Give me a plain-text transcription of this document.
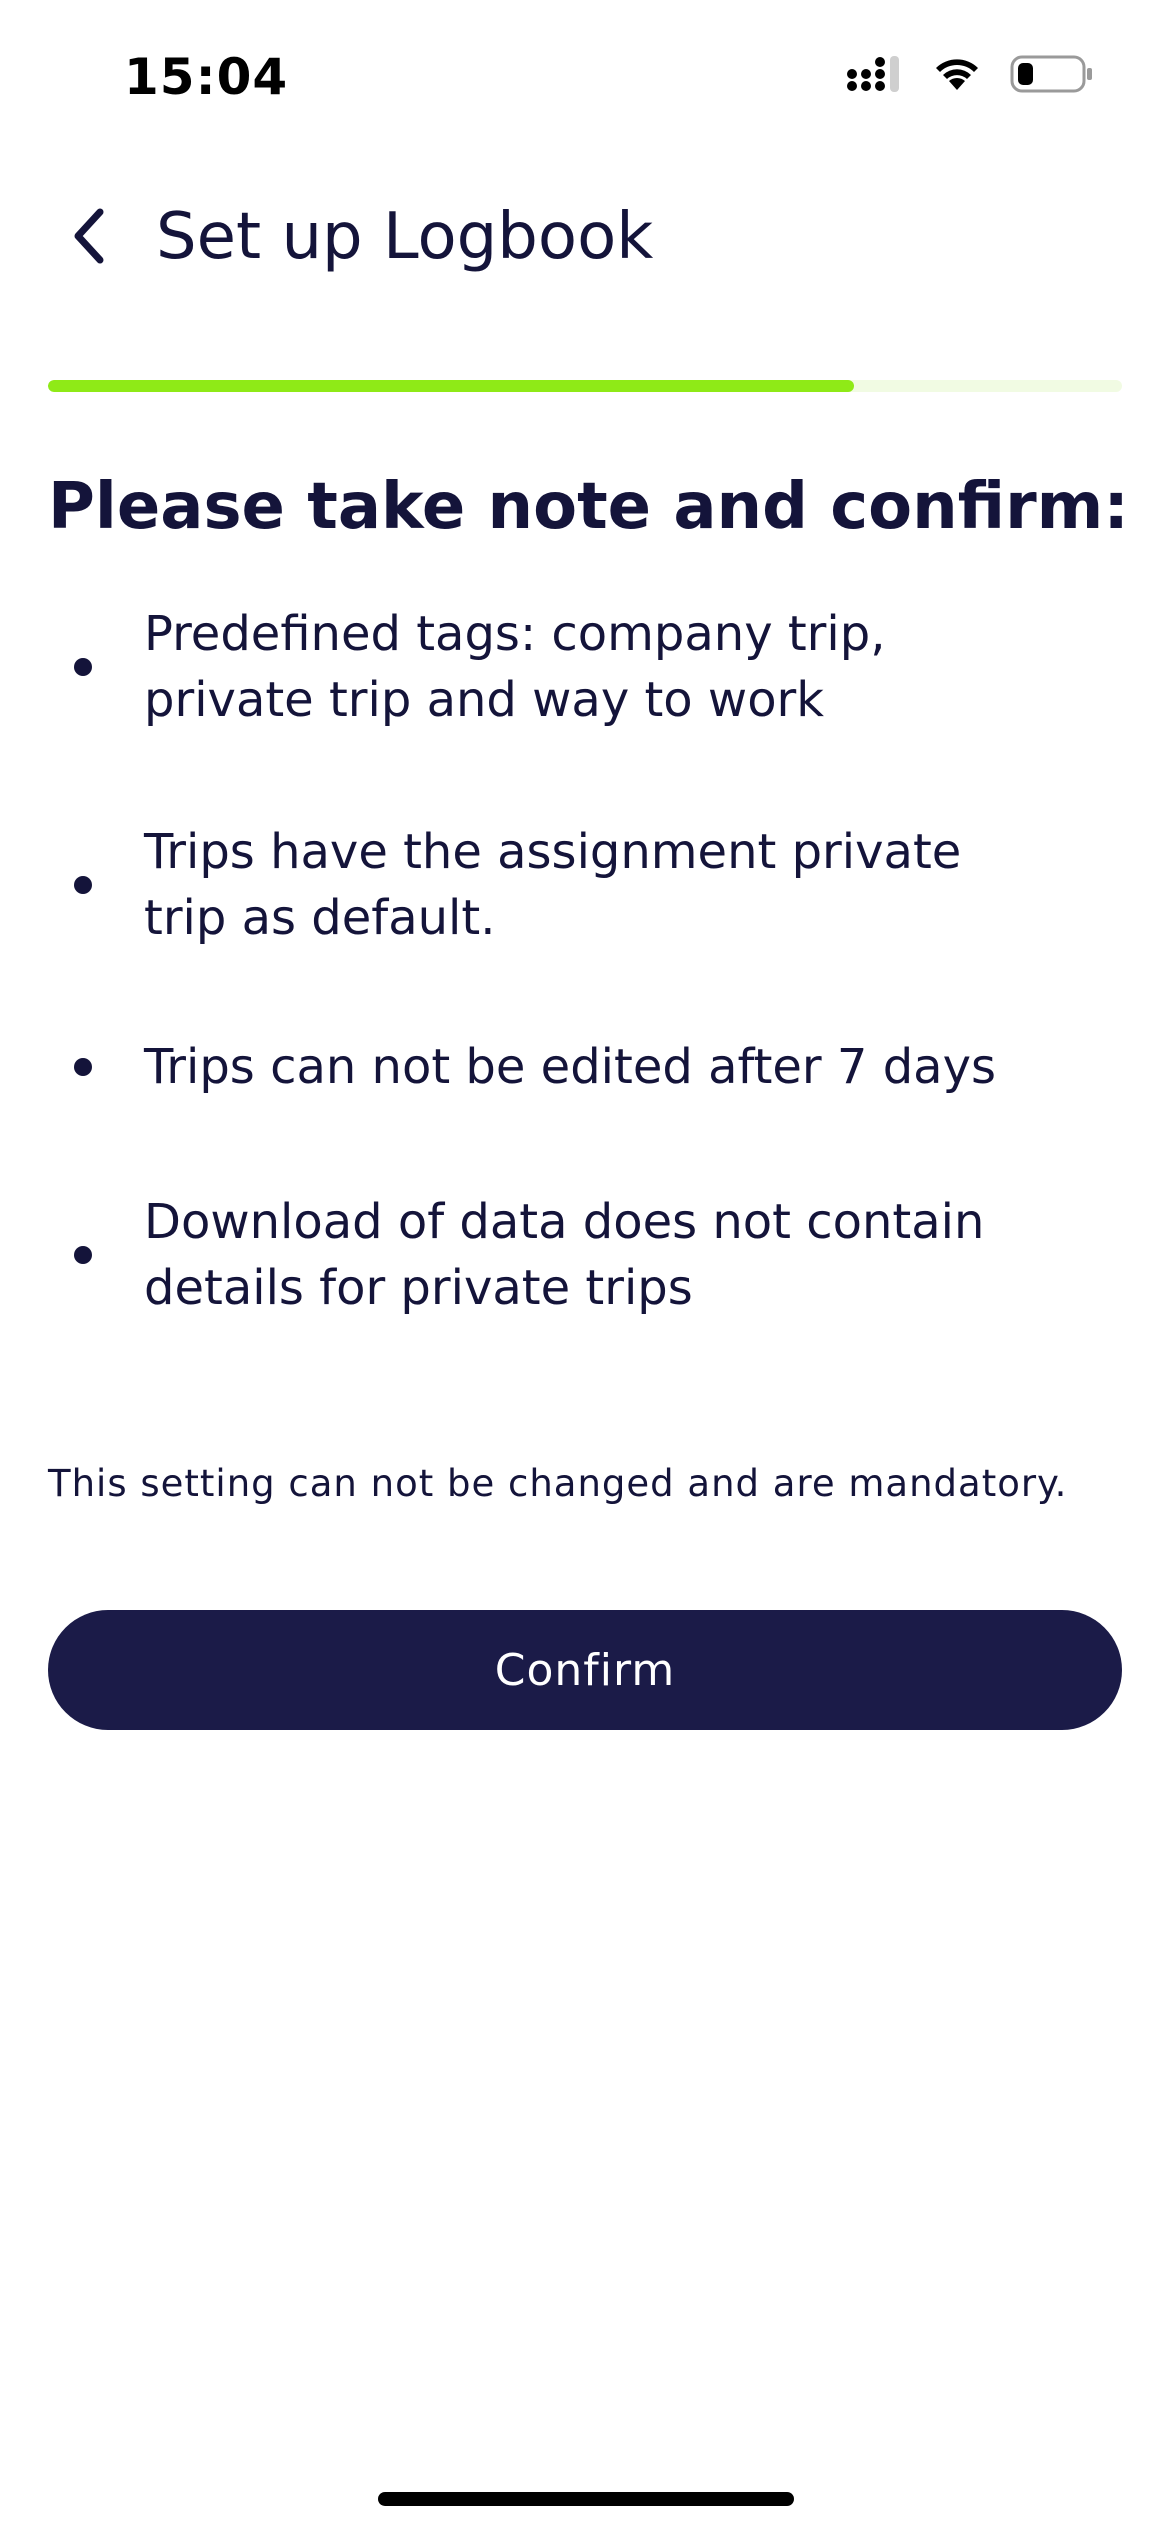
15:04
Set up Logbook
Please take note and confirm:
Predefined tags: company trip,
private trip and way to work
Trips have the assignment private
trip as default.
Trips can not be edited after 7 days
Download of data does not contain
details for private trips
This setting can not be changed and are mandatory.
Confirm
